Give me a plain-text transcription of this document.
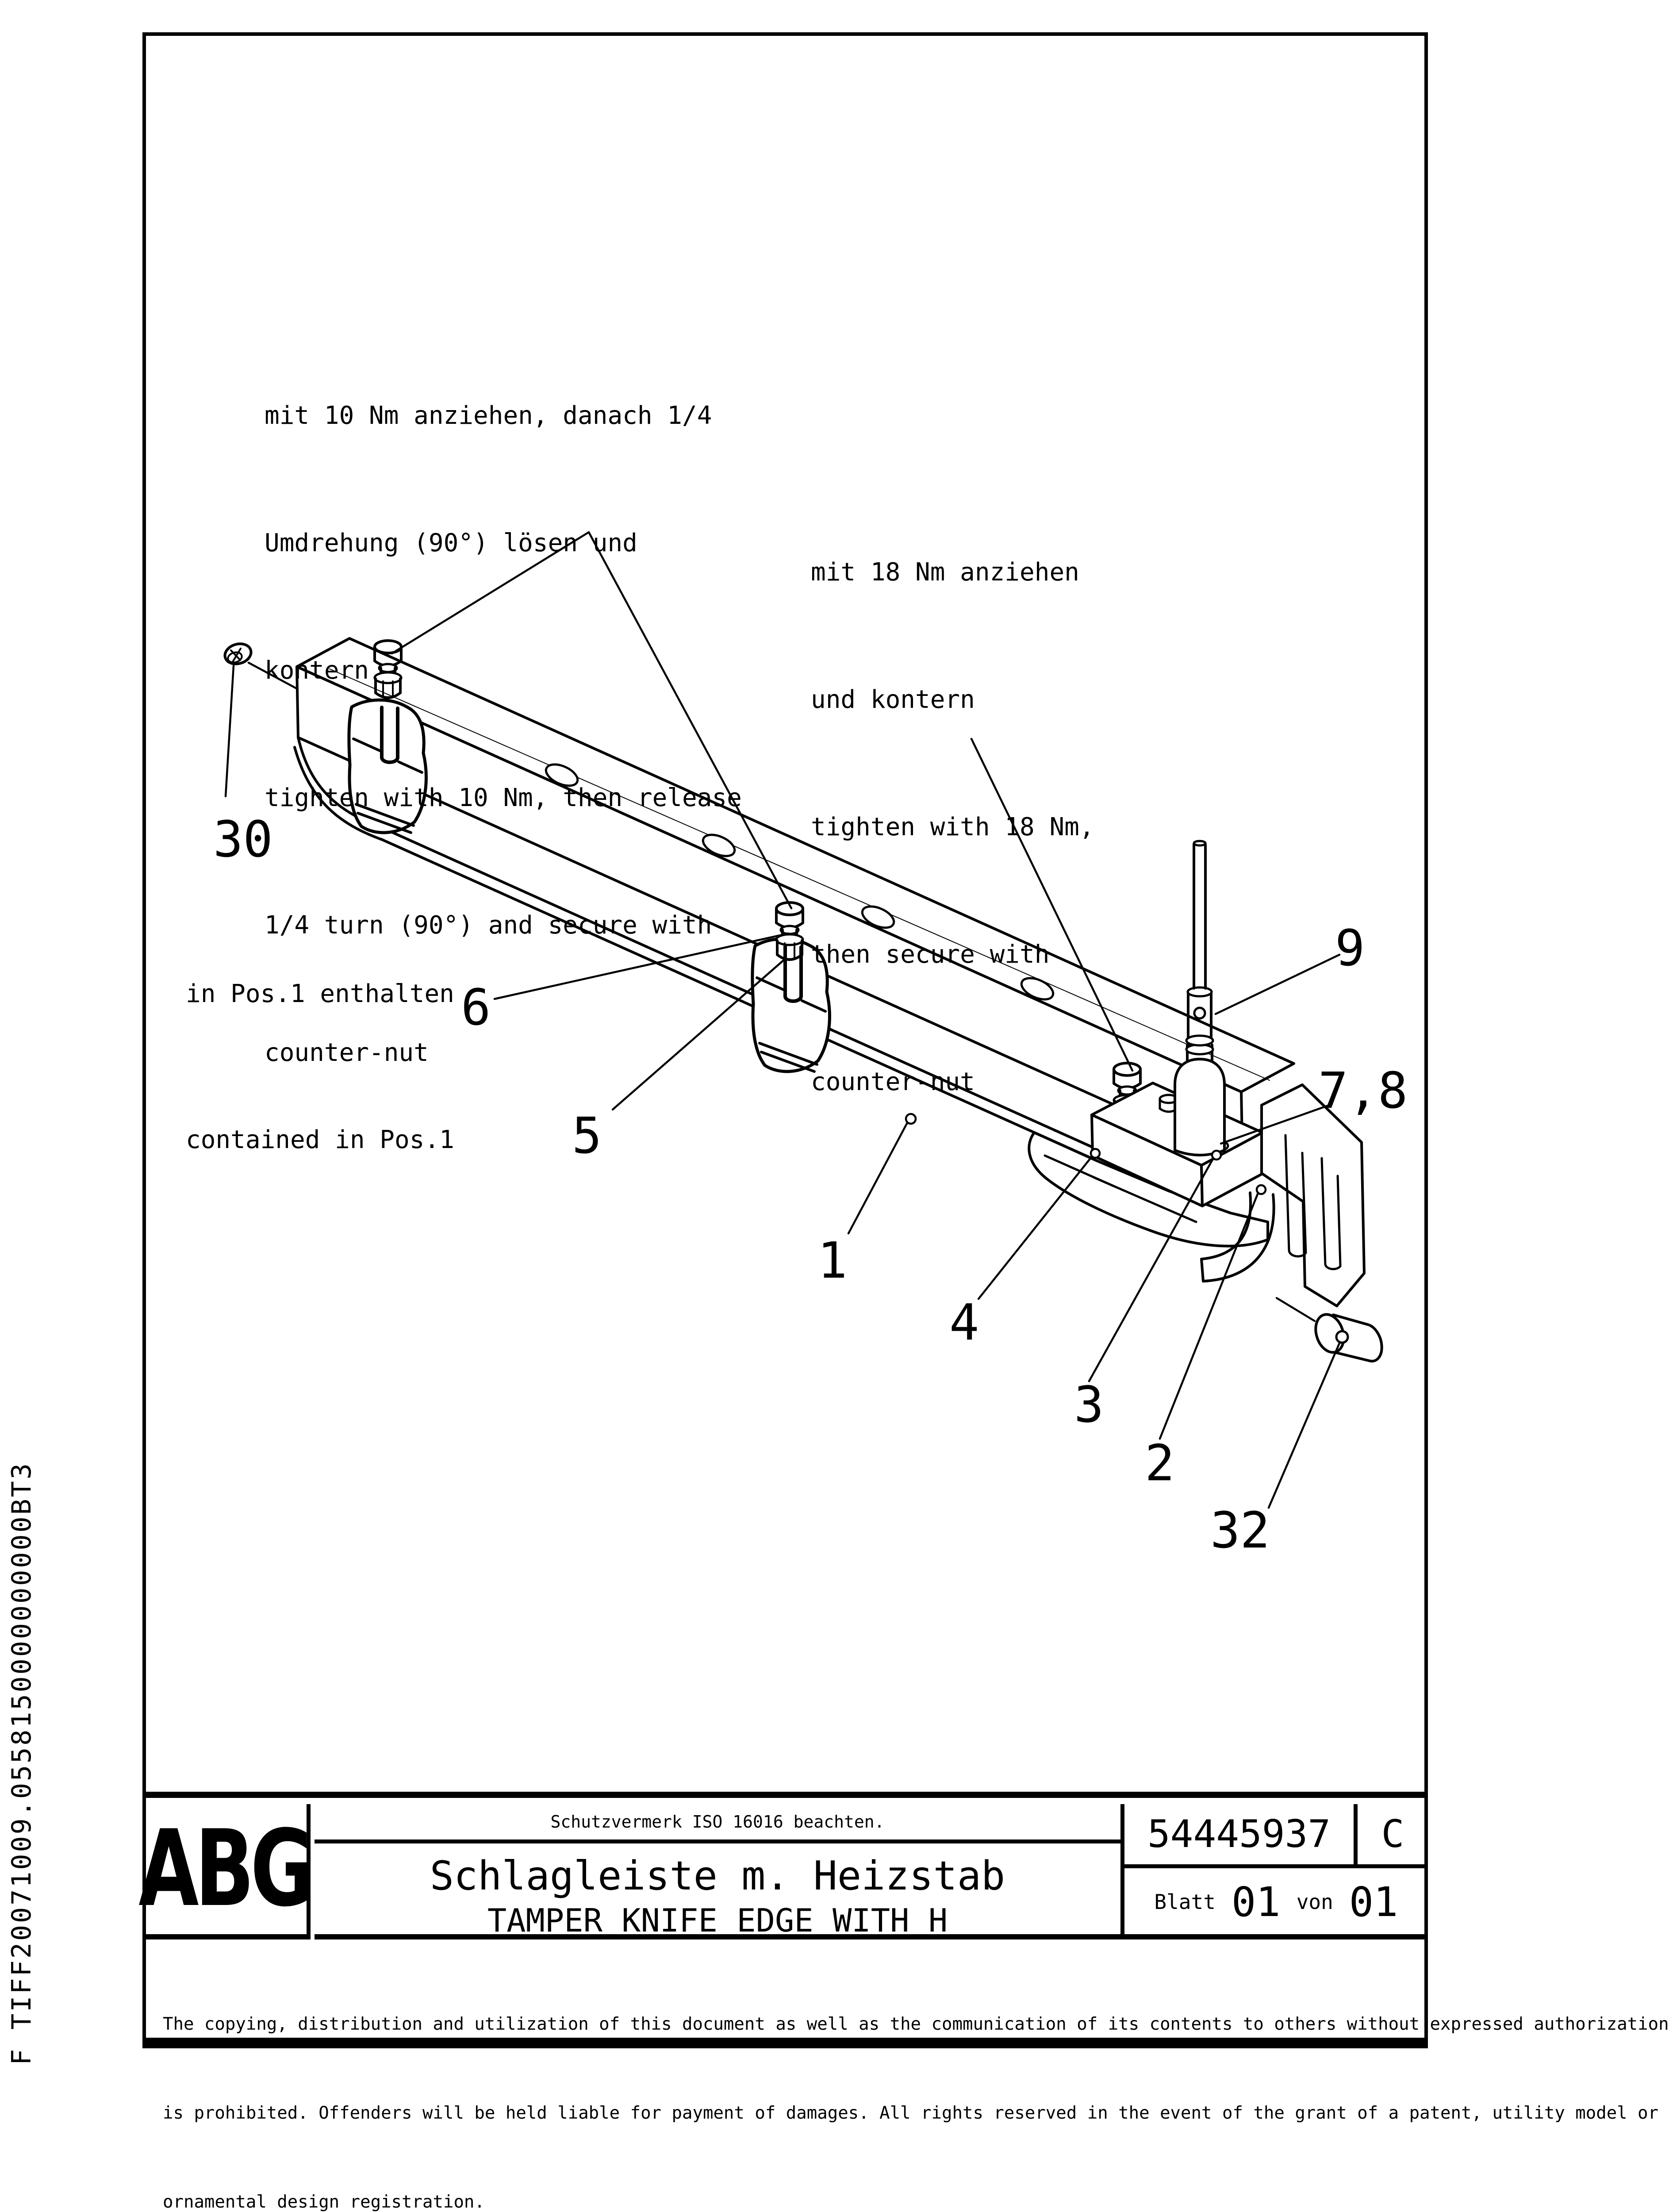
mit 10 Nm anziehen, danach 1/4

Umdrehung (90°) lösen und

kontern

tighten with 10 Nm, then release

1/4 turn (90°) and secure with

counter-nut

mit 18 Nm anziehen

und kontern

tighten with 18 Nm,

then secure with

counter-nut

in Pos.1 enthalten

contained in Pos.1

30
6
5
1
9
7,8
4
3
2
32
F TIFF20071009.0558150000000000BT3 ABG	Schutzvermerk ISO 16016 beachten.
Schlagleiste m. Heizstab
TAMPER KNIFE EDGE WITH H
54445937	C
Blatt 01 von 01

The copying, distribution and utilization of this document as well as the communication of its contents to others without expressed authorization

is prohibited. Offenders will be held liable for payment of damages. All rights reserved in the event of the grant of a patent, utility model or

ornamental design registration.
